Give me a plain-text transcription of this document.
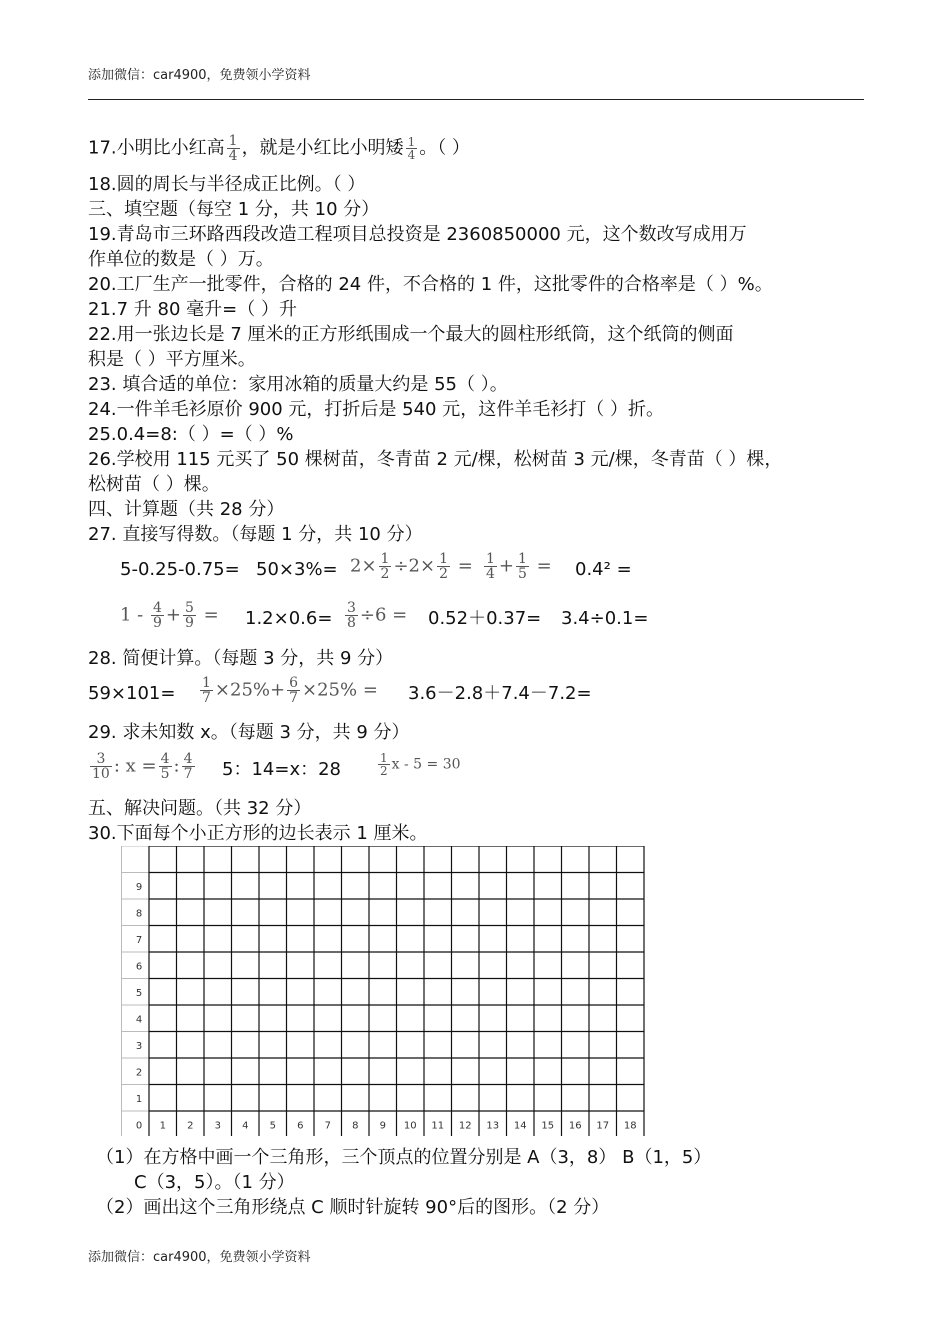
添加微信：car4900，免费领小学资料
17.小明比小红高 $\frac{1}{4}$ ，就是小红比小明矮 $\frac{1}{4}$ 。（ ）
18.圆的周长与半径成正比例。（ ）
三、填空题（每空 1 分，共 10 分）
19.青岛市三环路西段改造工程项目总投资是 2360850000 元，这个数改写成用万
作单位的数是（ ）万。
20.工厂生产一批零件，合格的 24 件，不合格的 1 件，这批零件的合格率是（ ）%。
21.7 升 80 毫升=（ ）升
22.用一张边长是 7 厘米的正方形纸围成一个最大的圆柱形纸筒，这个纸筒的侧面
积是（ ）平方厘米。
23. 填合适的单位：家用冰箱的质量大约是 55（ ）。
24.一件羊毛衫原价 900 元，打折后是 540 元，这件羊毛衫打（ ）折。
25.0.4=8:（ ）=（ ）%
26.学校用 115 元买了 50 棵树苗，冬青苗 2 元/棵，松树苗 3 元/棵，冬青苗（ ）棵，
松树苗（ ）棵。
四、计算题（共 28 分）
27. 直接写得数。（每题 1 分，共 10 分）
$5-0.25-0.75= 50\times 3\%= 2\times \frac{1}{2} \div 2\times \frac{1}{2} = \frac{1}{4} + \frac{1}{5} = 0.4^2$ =
$1 - \frac{4}{9} + \frac{5}{9} = 1.2\times 0.6= \frac{3}{8} \div 6 = 0.52+0.37= 3.4\div 0.1=$
28. 简便计算。（每题 3 分，共 9 分）
$59\times 101= \frac{1}{7} \times 25\%+ \frac{6}{7} \times 25\% = 3.6-2.8+7.4-7.2=$
29. 求未知数 x。（每题 3 分，共 9 分）
$\frac{3}{10}$ : $x = \frac{4}{5}$ : $\frac{4}{7} 5$：14=x：28	$\frac{1}{2}$ x - 5 = 30
五、解决问题。（共 32 分）
30.下面每个小正方形的边长表示 1 厘米。
0
1
2
3
4
5
6
7
8
9
1 2 3 4 5 6 7 8 9 10 11 12 13 14 15 16 17 18
（1）在方格中画一个三角形，三个顶点的位置分别是 A（3，8） B（1，5）
C（3，5）。（1 分）
（2）画出这个三角形绕点 C 顺时针旋转 90°后的图形。（2 分）
添加微信：car4900，免费领小学资料
